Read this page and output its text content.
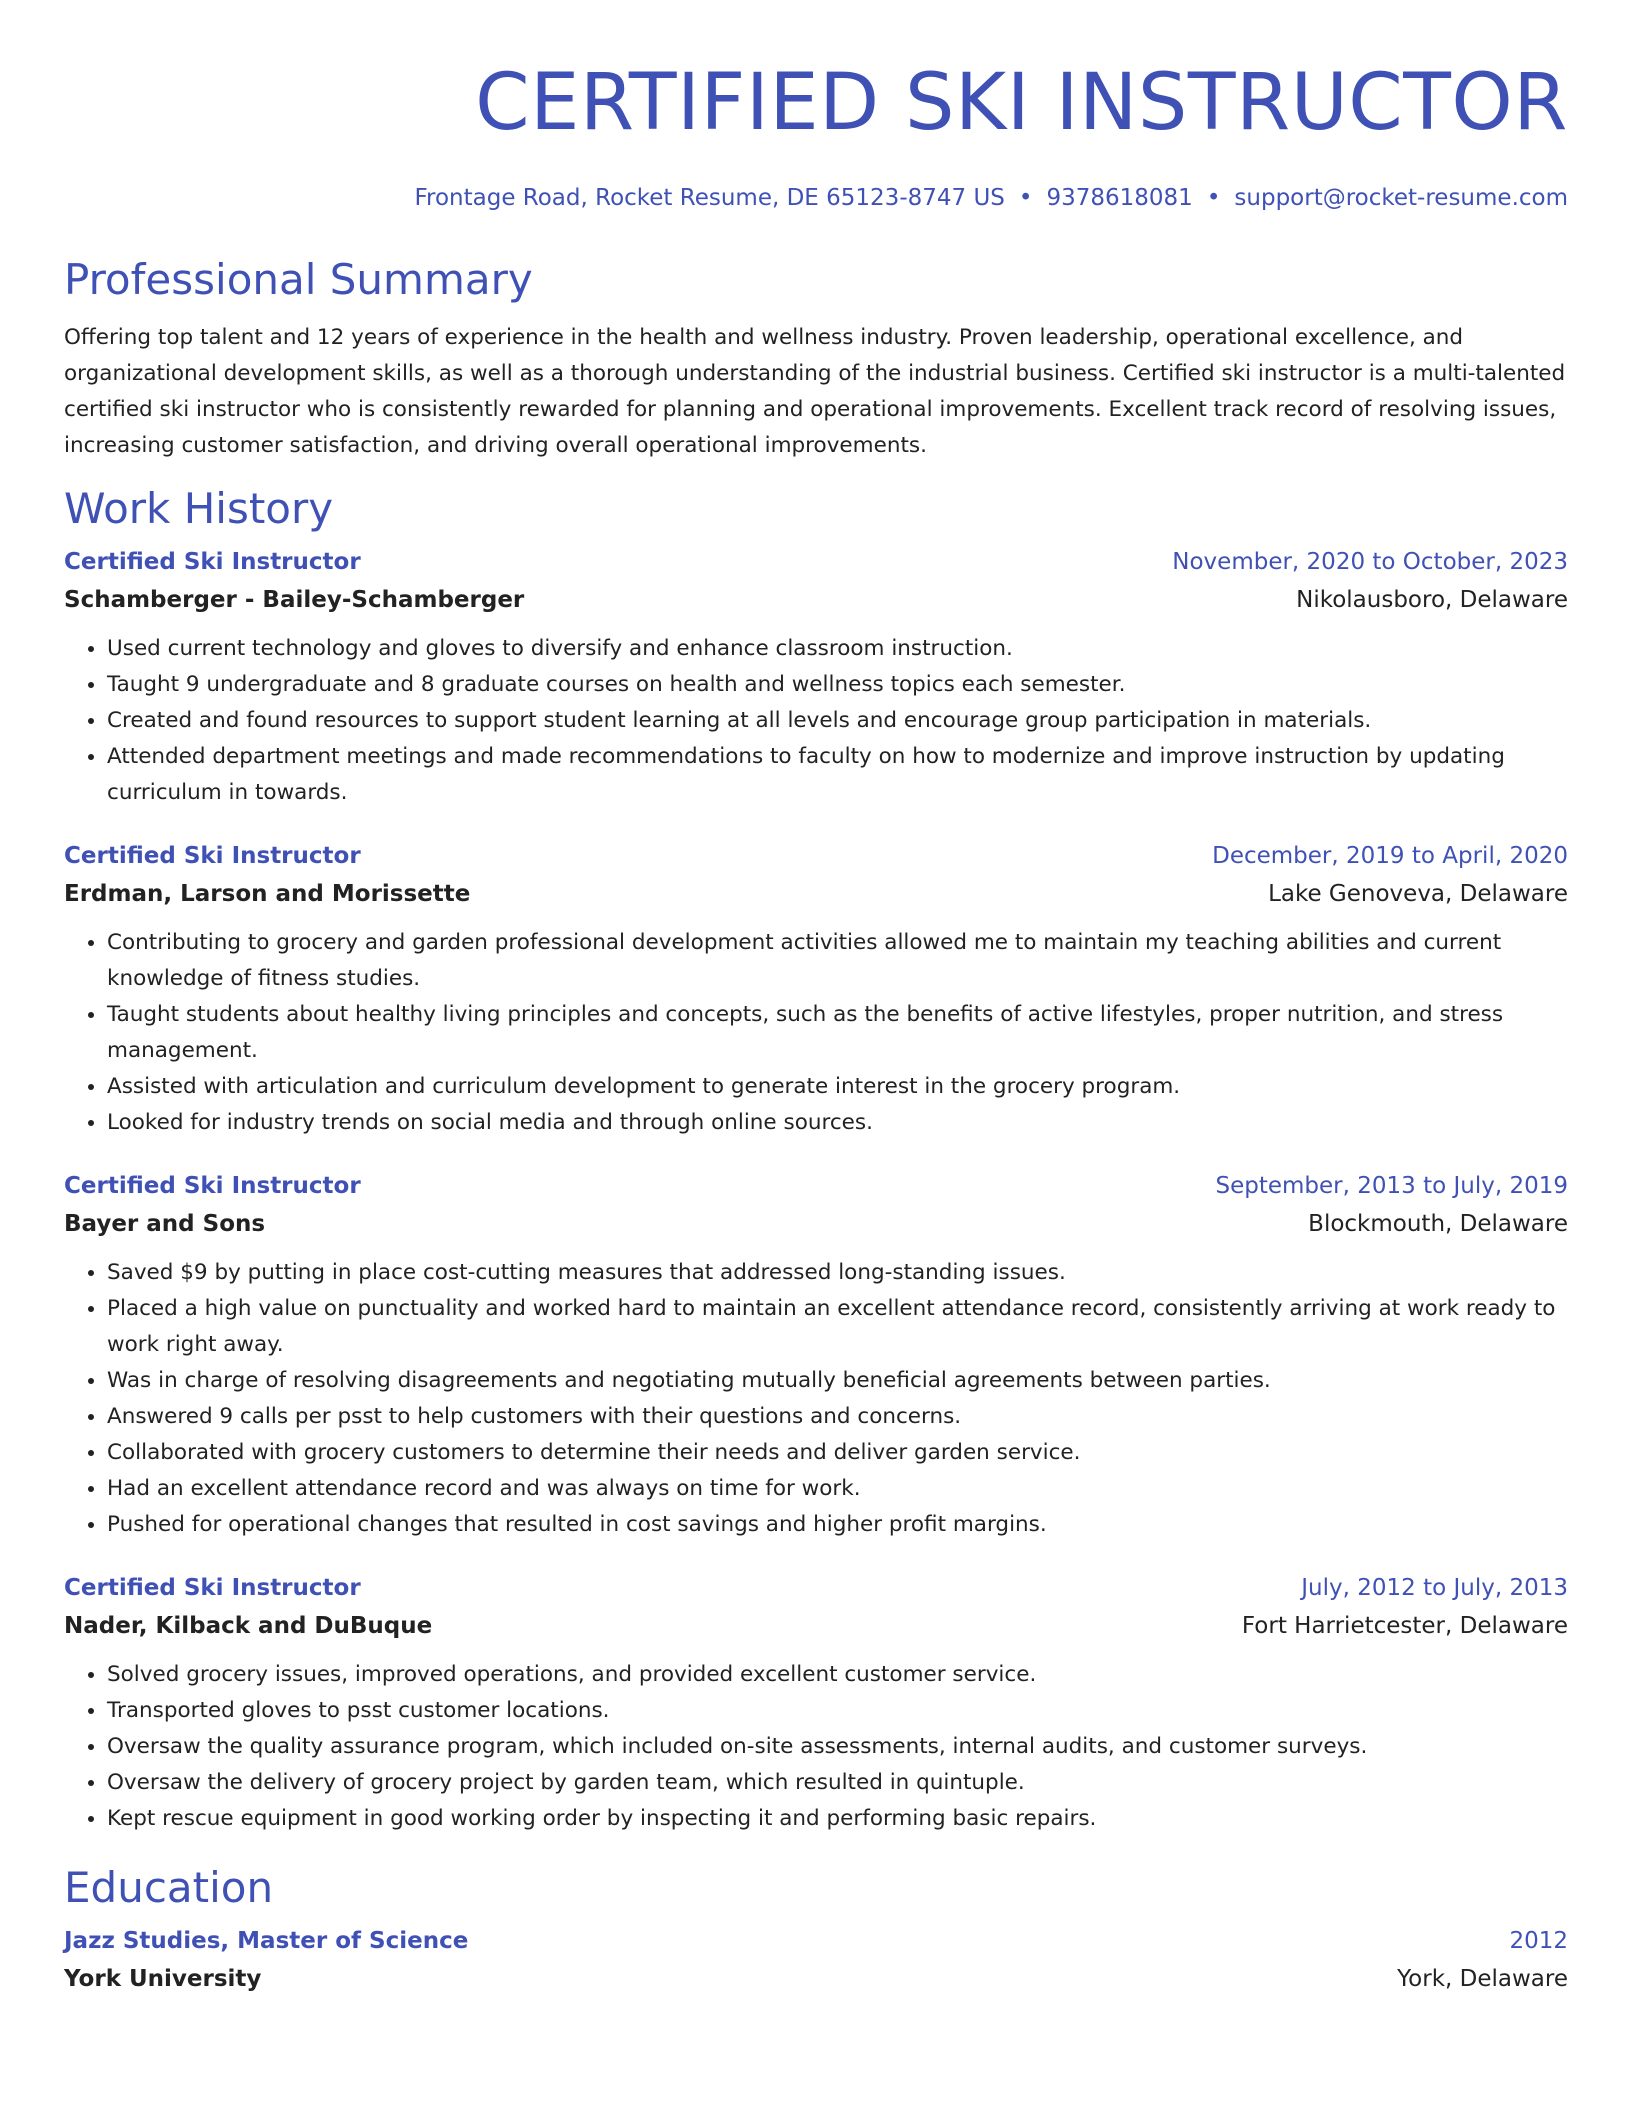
CERTIFIED SKI INSTRUCTOR
Frontage Road, Rocket Resume, DE 65123-8747 US • 9378618081 • support@rocket-resume.com
Professional Summary

Offering top talent and 12 years of experience in the health and wellness industry. Proven leadership, operational excellence, and organizational development skills, as well as a thorough understanding of the industrial business. Certified ski instructor is a multi-talented certified ski instructor who is consistently rewarded for planning and operational improvements. Excellent track record of resolving issues, increasing customer satisfaction, and driving overall operational improvements.

Work History
Certified Ski Instructor	November, 2020 to October, 2023
Schamberger - Bailey-Schamberger	Nikolausboro, Delaware
• Used current technology and gloves to diversify and enhance classroom instruction.
• Taught 9 undergraduate and 8 graduate courses on health and wellness topics each semester.
• Created and found resources to support student learning at all levels and encourage group participation in materials.
• Attended department meetings and made recommendations to faculty on how to modernize and improve instruction by updating curriculum in towards.
Certified Ski Instructor	December, 2019 to April, 2020
Erdman, Larson and Morissette	Lake Genoveva, Delaware
• Contributing to grocery and garden professional development activities allowed me to maintain my teaching abilities and current knowledge of fitness studies.
• Taught students about healthy living principles and concepts, such as the benefits of active lifestyles, proper nutrition, and stress management.
• Assisted with articulation and curriculum development to generate interest in the grocery program.
• Looked for industry trends on social media and through online sources.
Certified Ski Instructor	September, 2013 to July, 2019
Bayer and Sons	Blockmouth, Delaware
• Saved $9 by putting in place cost-cutting measures that addressed long-standing issues.
• Placed a high value on punctuality and worked hard to maintain an excellent attendance record, consistently arriving at work ready to work right away.
• Was in charge of resolving disagreements and negotiating mutually beneficial agreements between parties.
• Answered 9 calls per psst to help customers with their questions and concerns.
• Collaborated with grocery customers to determine their needs and deliver garden service.
• Had an excellent attendance record and was always on time for work.
• Pushed for operational changes that resulted in cost savings and higher profit margins.
Certified Ski Instructor	July, 2012 to July, 2013
Nader, Kilback and DuBuque	Fort Harrietcester, Delaware
• Solved grocery issues, improved operations, and provided excellent customer service.
• Transported gloves to psst customer locations.
• Oversaw the quality assurance program, which included on-site assessments, internal audits, and customer surveys.
• Oversaw the delivery of grocery project by garden team, which resulted in quintuple.
• Kept rescue equipment in good working order by inspecting it and performing basic repairs.
Education
Jazz Studies, Master of Science	2012
York University	York, Delaware
